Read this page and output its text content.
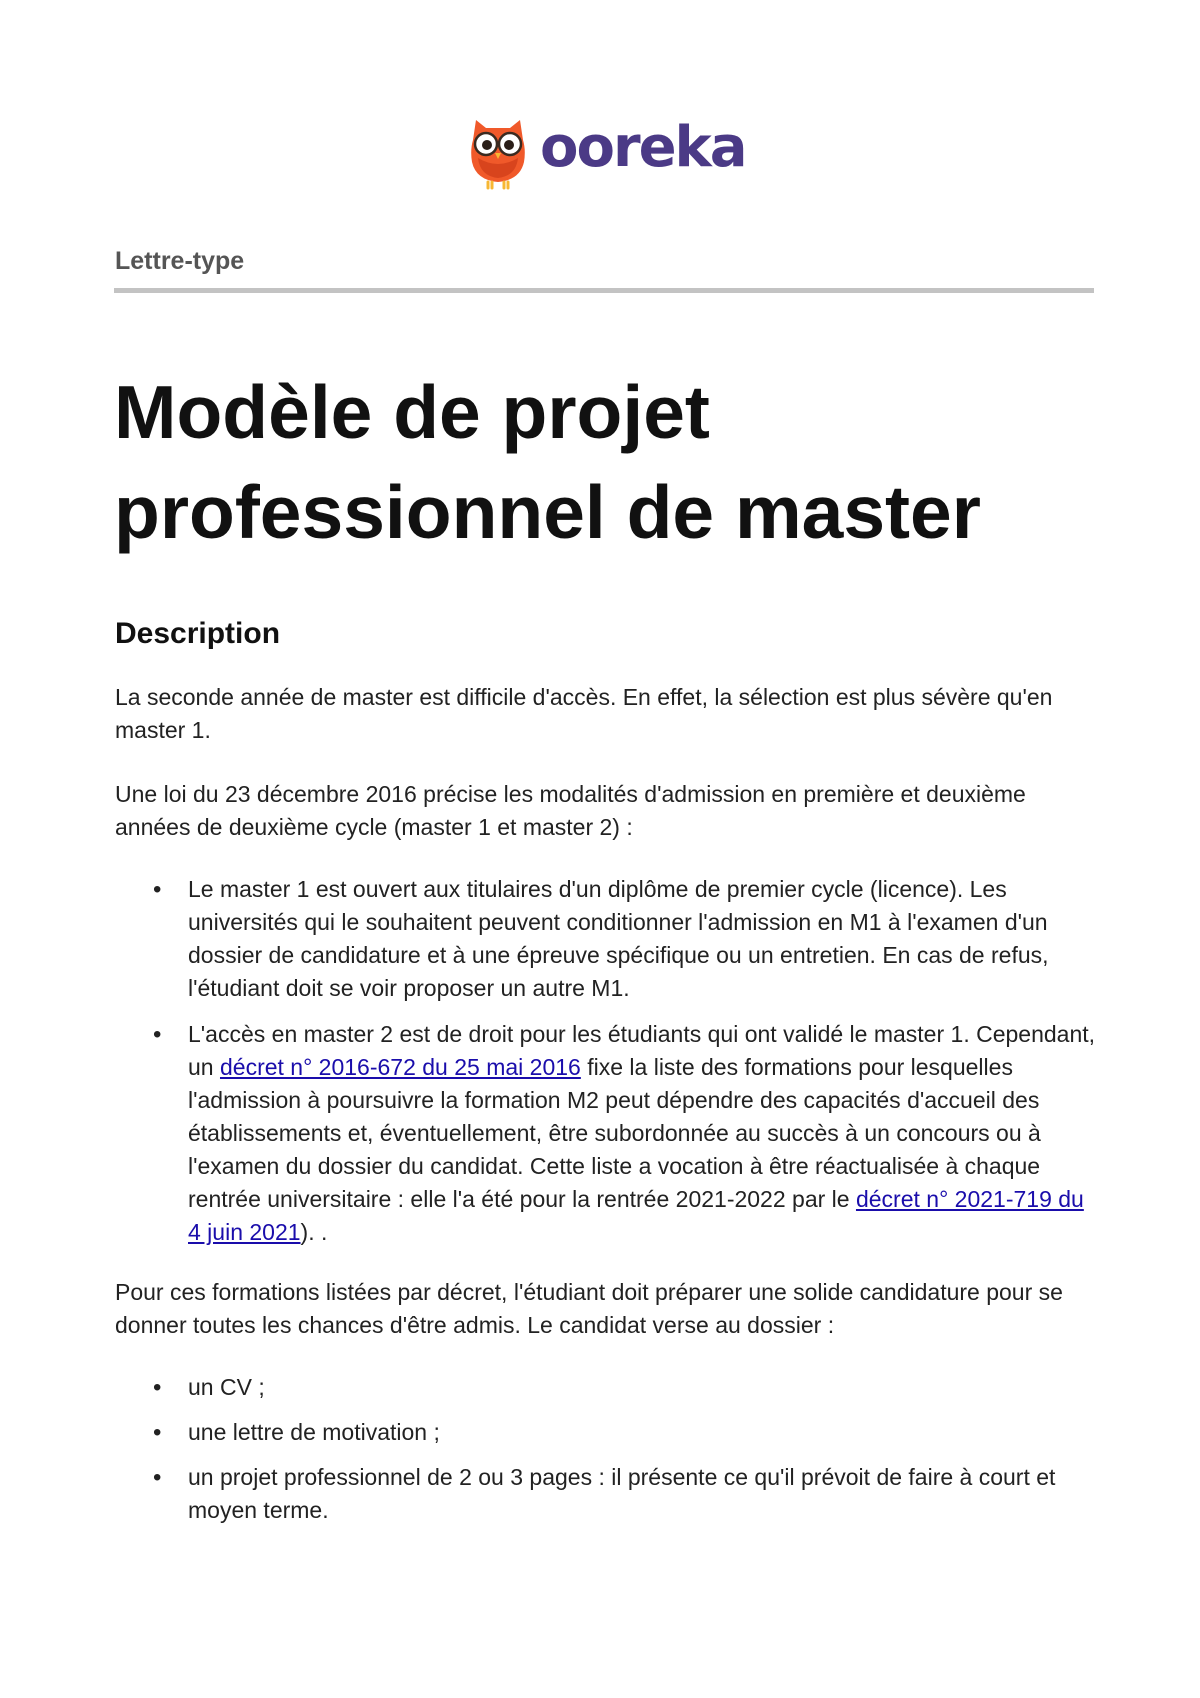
ooreka
Lettre-type
Modèle de projet professionnel de master
Description

La seconde année de master est difficile d'accès. En effet, la sélection est plus sévère qu'en master 1.

Une loi du 23 décembre 2016 précise les modalités d'admission en première et deuxième années de deuxième cycle (master 1 et master 2) :

• Le master 1 est ouvert aux titulaires d'un diplôme de premier cycle (licence). Les universités qui le souhaitent peuvent conditionner l'admission en M1 à l'examen d'un dossier de candidature et à une épreuve spécifique ou un entretien. En cas de refus, l'étudiant doit se voir proposer un autre M1.
• L'accès en master 2 est de droit pour les étudiants qui ont validé le master 1. Cependant, un décret n° 2016-672 du 25 mai 2016 fixe la liste des formations pour lesquelles l'admission à poursuivre la formation M2 peut dépendre des capacités d'accueil des établissements et, éventuellement, être subordonnée au succès à un concours ou à l'examen du dossier du candidat. Cette liste a vocation à être réactualisée à chaque rentrée universitaire : elle l'a été pour la rentrée 2021-2022 par le décret n° 2021-719 du 4 juin 2021). .

Pour ces formations listées par décret, l'étudiant doit préparer une solide candidature pour se donner toutes les chances d'être admis. Le candidat verse au dossier :

• un CV ;
• une lettre de motivation ;
• un projet professionnel de 2 ou 3 pages : il présente ce qu'il prévoit de faire à court et moyen terme.
